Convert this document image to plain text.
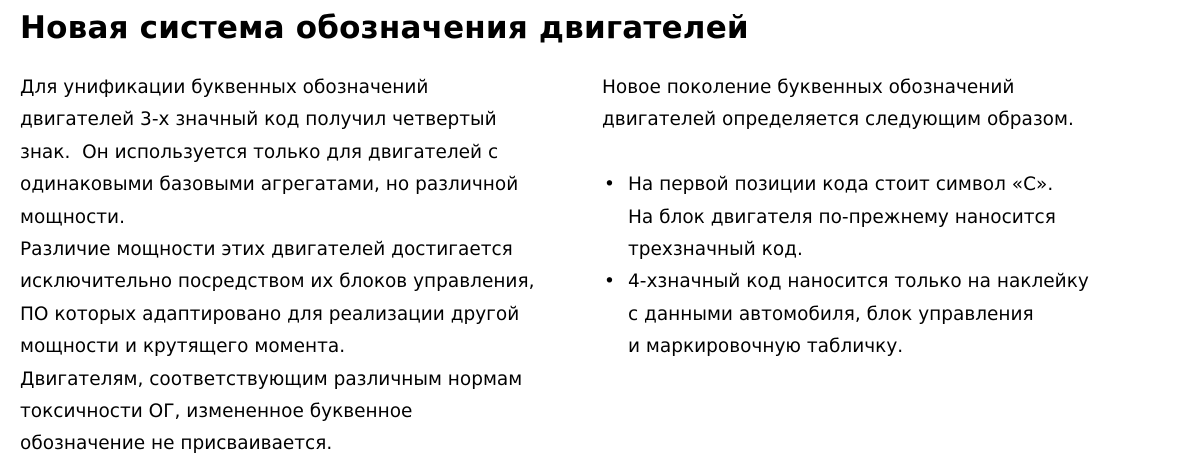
Новая система обозначения двигателей
Для унификации буквенных обозначений
двигателей 3-х значный код получил четвертый
знак.  Он используется только для двигателей с
одинаковыми базовыми агрегатами, но различной
мощности.
Различие мощности этих двигателей достигается
исключительно посредством их блоков управления,
ПО которых адаптировано для реализации другой
мощности и крутящего момента.
Двигателям, соответствующим различным нормам
токсичности ОГ, измененное буквенное
обозначение не присваивается.
Новое поколение буквенных обозначений
двигателей определяется следующим образом.
• На первой позиции кода стоит символ «С».
На блок двигателя по-прежнему наносится
трехзначный код.
• 4-хзначный код наносится только на наклейку
с данными автомобиля, блок управления
и маркировочную табличку.
